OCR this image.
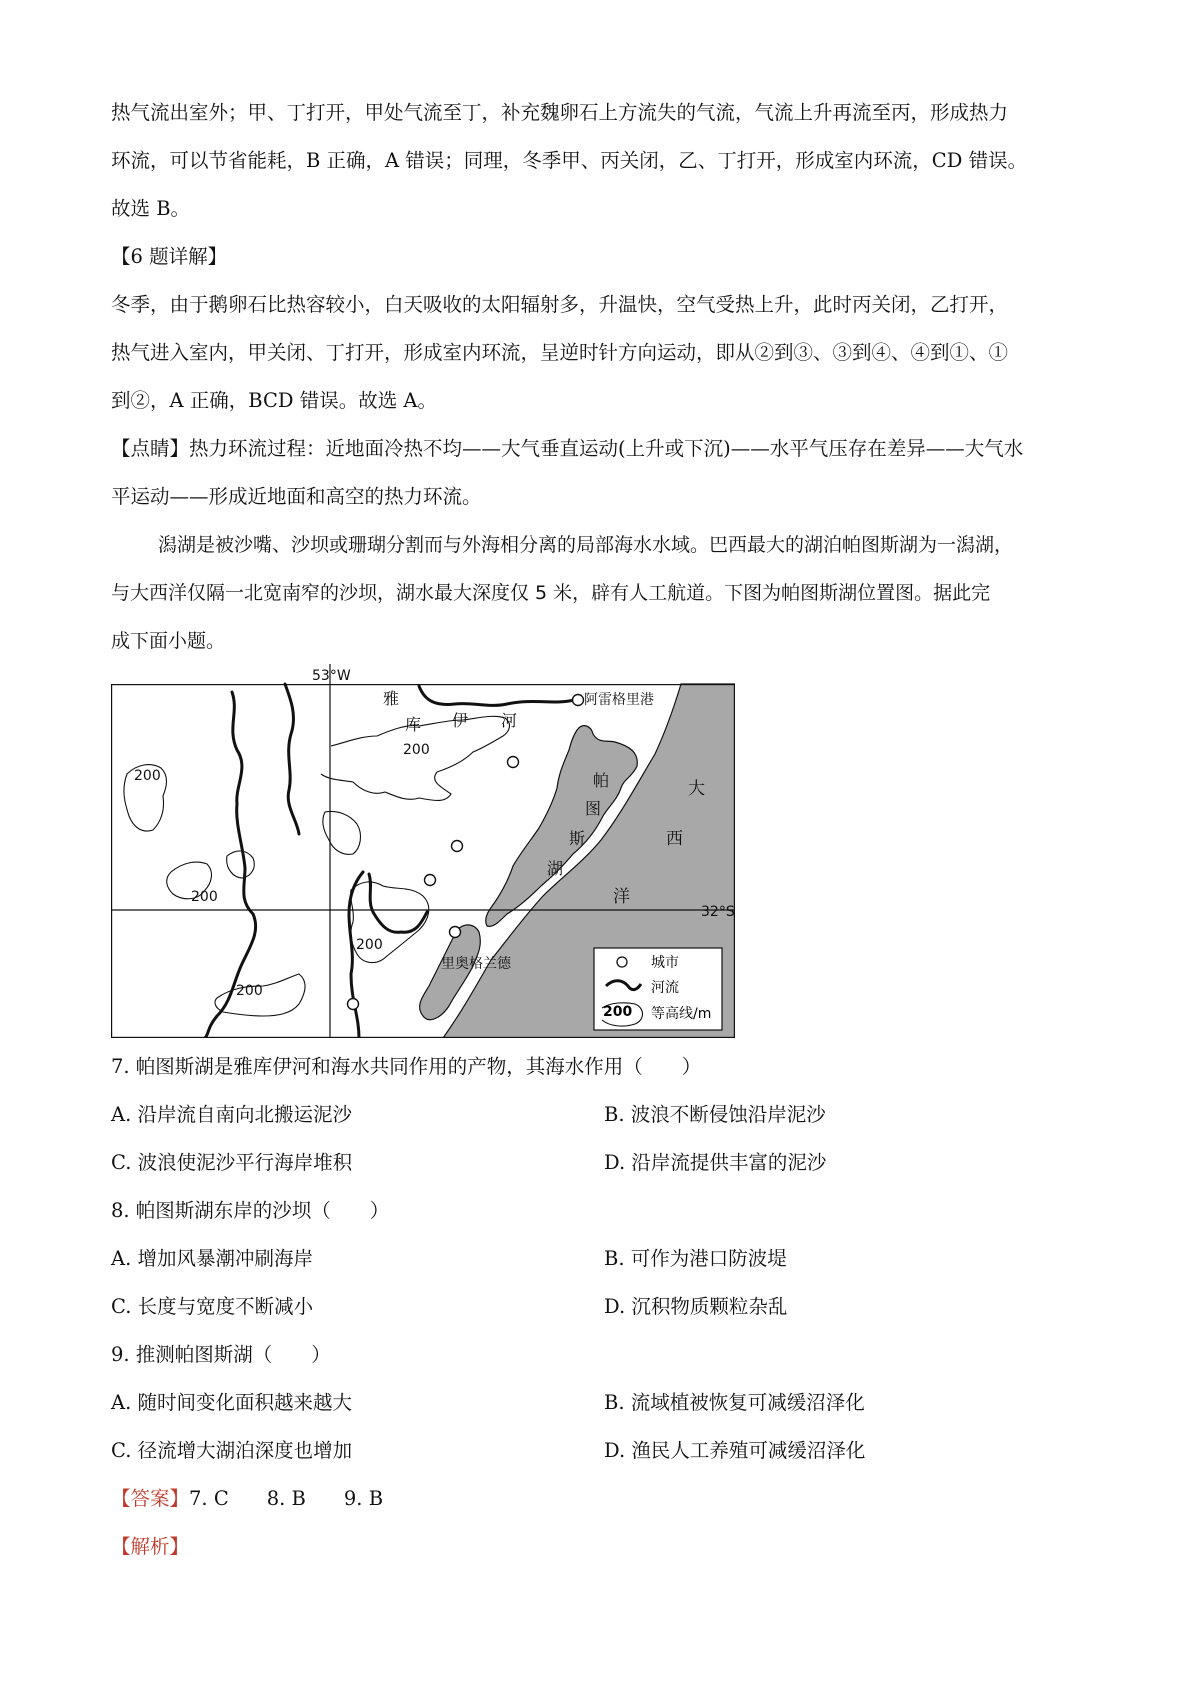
热气流出室外；甲、丁打开，甲处气流至丁，补充魏卵石上方流失的气流，气流上升再流至丙，形成热力
环流，可以节省能耗，B 正确，A 错误；同理，冬季甲、丙关闭，乙、丁打开，形成室内环流，CD 错误。
故选 B。
【6 题详解】
冬季，由于鹅卵石比热容较小，白天吸收的太阳辐射多，升温快，空气受热上升，此时丙关闭，乙打开，
热气进入室内，甲关闭、丁打开，形成室内环流，呈逆时针方向运动，即从②到③、③到④、④到①、①
到②，A 正确，BCD 错误。故选 A。
【点睛】热力环流过程：近地面冷热不均——大气垂直运动(上升或下沉)——水平气压存在差异——大气水
平运动——形成近地面和高空的热力环流。
潟湖是被沙嘴、沙坝或珊瑚分割而与外海相分离的局部海水水域。巴西最大的湖泊帕图斯湖为一潟湖，
与大西洋仅隔一北宽南窄的沙坝，湖水最大深度仅 5 米，辟有人工航道。下图为帕图斯湖位置图。据此完
成下面小题。
53°W
32°S
雅
库 伊 河
阿雷格里港
里奥格兰德
帕
图
斯
湖
大
西
洋
200
200
200
200
200
城市
河流
200 等高线/m
7. 帕图斯湖是雅库伊河和海水共同作用的产物，其海水作用（　　）
A. 沿岸流自南向北搬运泥沙	B. 波浪不断侵蚀沿岸泥沙
C. 波浪使泥沙平行海岸堆积	D. 沿岸流提供丰富的泥沙
8. 帕图斯湖东岸的沙坝（　　）
A. 增加风暴潮冲刷海岸	B. 可作为港口防波堤
C. 长度与宽度不断减小	D. 沉积物质颗粒杂乱
9. 推测帕图斯湖（　　）
A. 随时间变化面积越来越大	B. 流域植被恢复可减缓沼泽化
C. 径流增大湖泊深度也增加	D. 渔民人工养殖可减缓沼泽化
【答案】7. C 8. B 9. B
【解析】
